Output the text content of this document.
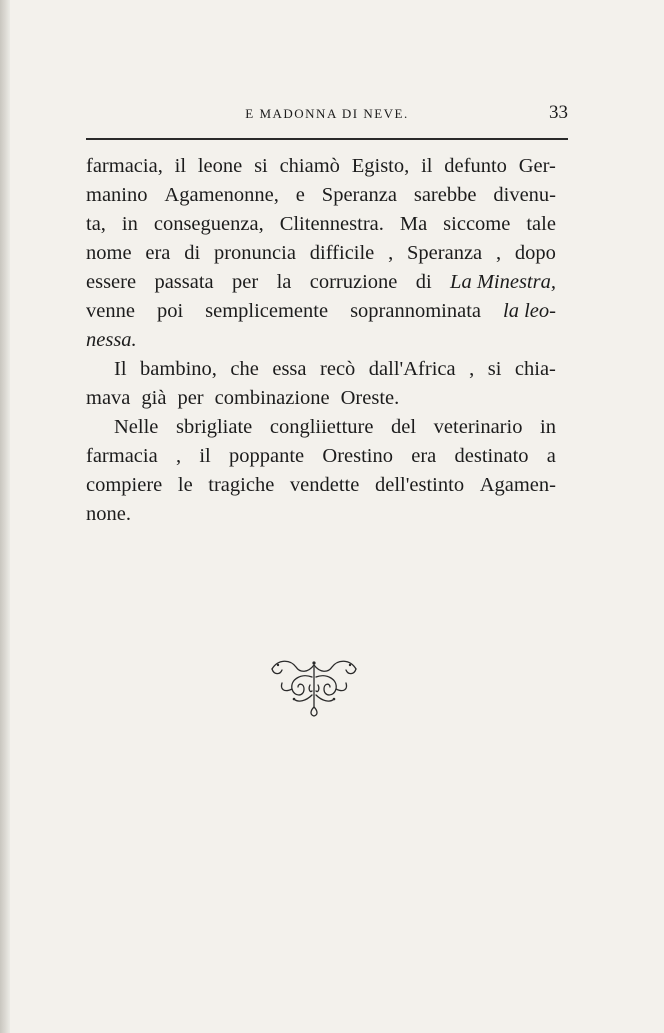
E MADONNA DI NEVE.	33
farmacia, il leone si chiamò Egisto, il defunto Ger-
manino Agamenonne, e Speranza sarebbe divenu-
ta, in conseguenza, Clitennestra. Ma siccome tale
nome era di pronuncia difficile , Speranza , dopo
essere passata per la corruzione di La Minestra,
venne poi semplicemente soprannominata la leo-
nessa.
Il bambino, che essa recò dall'Africa , si chia-
mava già per combinazione Oreste.
Nelle sbrigliate congliietture del veterinario in
farmacia , il poppante Orestino era destinato a
compiere le tragiche vendette dell'estinto Agamen-
none.
